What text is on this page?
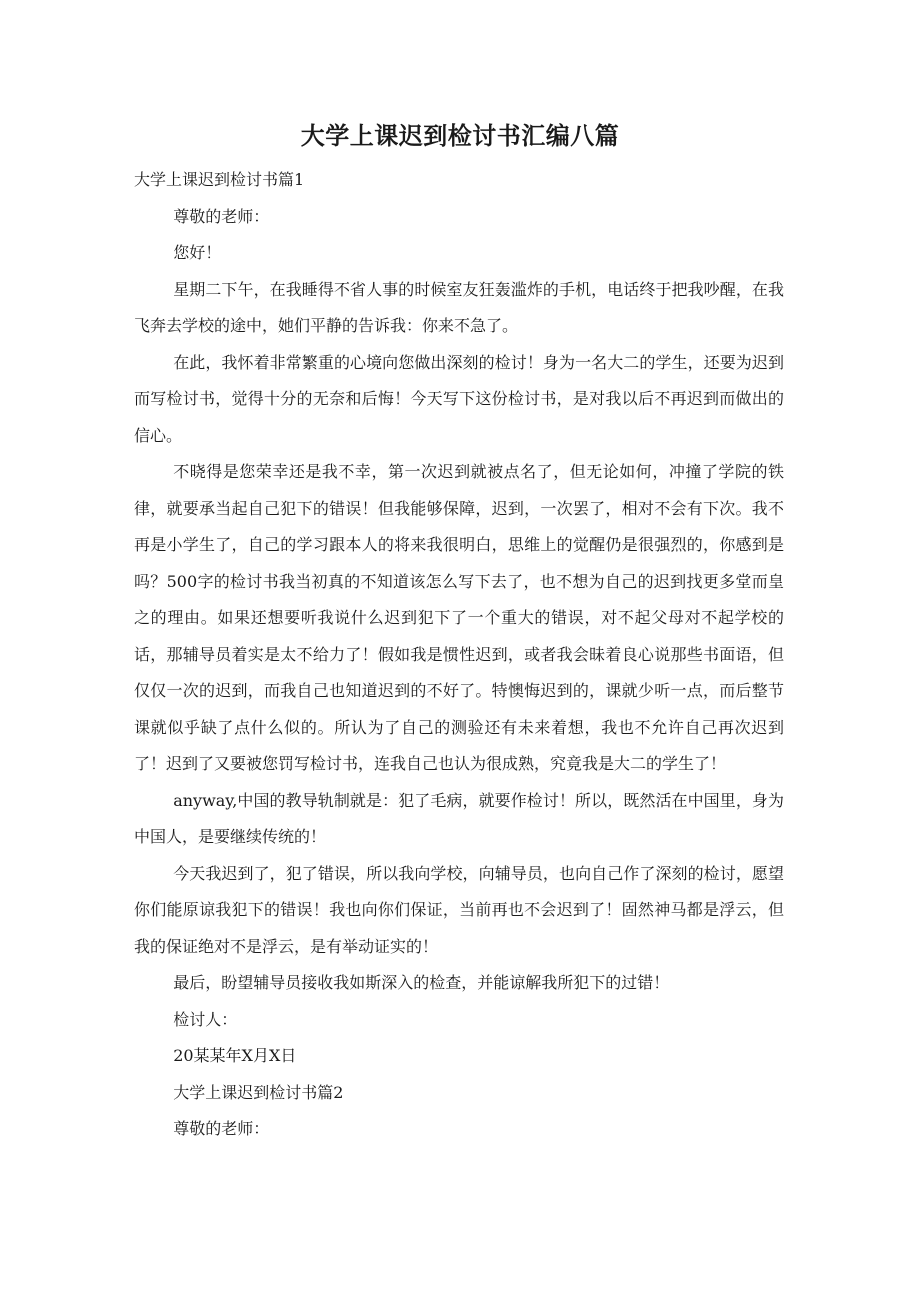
大学上课迟到检讨书汇编八篇

大学上课迟到检讨书篇1

尊敬的老师：

您好！

星期二下午，在我睡得不省人事的时候室友狂轰滥炸的手机，电话终于把我吵醒，在我飞奔去学校的途中，她们平静的告诉我：你来不急了。

在此，我怀着非常繁重的心境向您做出深刻的检讨！身为一名大二的学生，还要为迟到而写检讨书，觉得十分的无奈和后悔！今天写下这份检讨书，是对我以后不再迟到而做出的信心。

不晓得是您荣幸还是我不幸，第一次迟到就被点名了，但无论如何，冲撞了学院的铁律，就要承当起自己犯下的错误！但我能够保障，迟到，一次罢了，相对不会有下次。我不再是小学生了，自己的学习跟本人的将来我很明白，思维上的觉醒仍是很强烈的，你感到是吗？500字的检讨书我当初真的不知道该怎么写下去了，也不想为自己的迟到找更多堂而皇之的理由。如果还想要听我说什么迟到犯下了一个重大的错误，对不起父母对不起学校的话，那辅导员着实是太不给力了！假如我是惯性迟到，或者我会昧着良心说那些书面语，但仅仅一次的迟到，而我自己也知道迟到的不好了。特懊悔迟到的，课就少听一点，而后整节课就似乎缺了点什么似的。所认为了自己的测验还有未来着想，我也不允许自己再次迟到了！迟到了又要被您罚写检讨书，连我自己也认为很成熟，究竟我是大二的学生了！

anyway,中国的教导轨制就是：犯了毛病，就要作检讨！所以，既然活在中国里，身为中国人，是要继续传统的！

今天我迟到了，犯了错误，所以我向学校，向辅导员，也向自己作了深刻的检讨，愿望你们能原谅我犯下的错误！我也向你们保证，当前再也不会迟到了！固然神马都是浮云，但我的保证绝对不是浮云，是有举动证实的！

最后，盼望辅导员接收我如斯深入的检查，并能谅解我所犯下的过错！

检讨人：

20某某年X月X日

大学上课迟到检讨书篇2

尊敬的老师：
